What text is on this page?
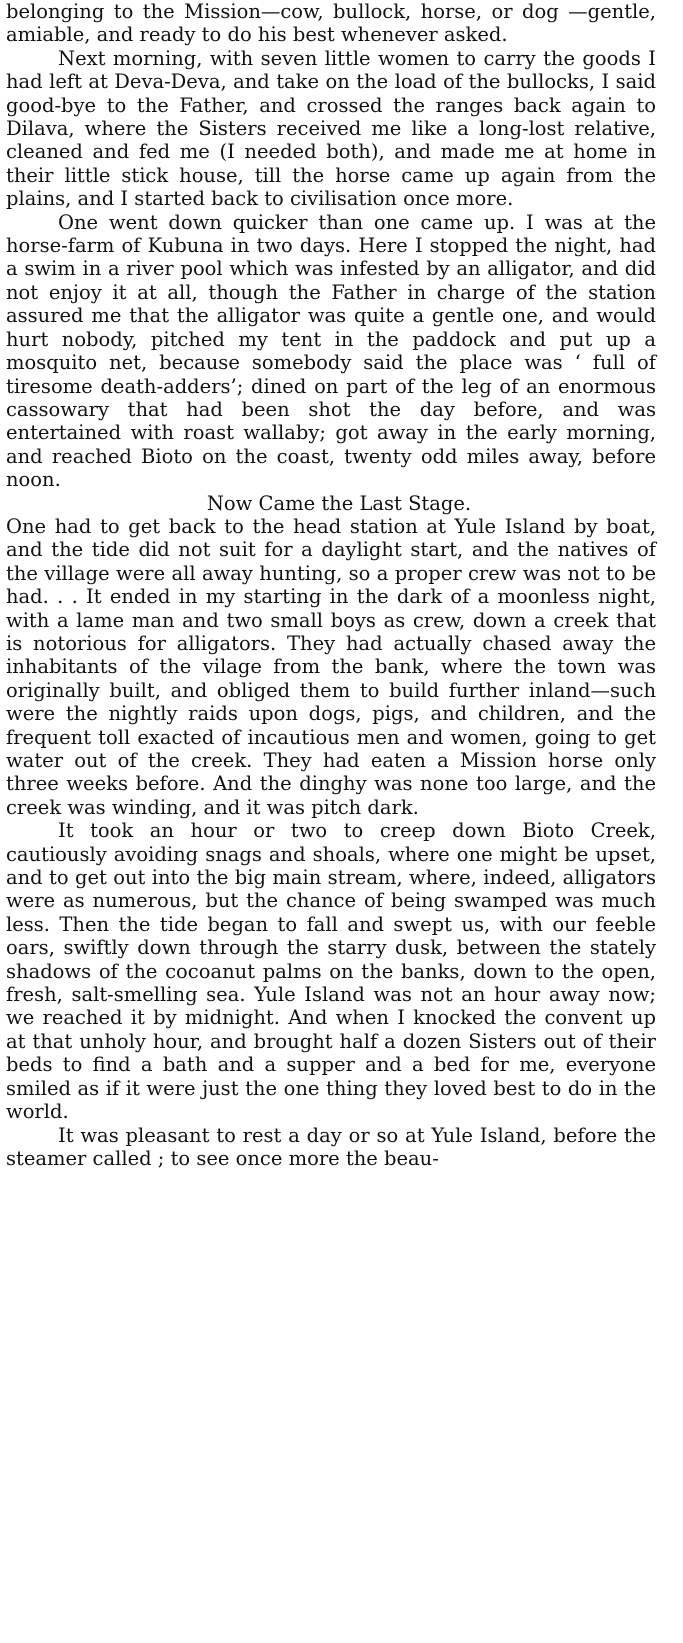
belonging to the Mission—cow, bullock, horse, or dog —gentle, amiable, and ready to do his best whenever asked.

Next morning, with seven little women to carry the goods I had left at Deva-Deva, and take on the load of the bullocks, I said good-bye to the Father, and crossed the ranges back again to Dilava, where the Sisters received me like a long-lost relative, cleaned and fed me (I needed both), and made me at home in their little stick house, till the horse came up again from the plains, and I started back to civilisation once more.

One went down quicker than one came up. I was at the horse-farm of Kubuna in two days. Here I stopped the night, had a swim in a river pool which was infested by an alligator, and did not enjoy it at all, though the Father in charge of the station assured me that the alligator was quite a gentle one, and would hurt nobody, pitched my tent in the paddock and put up a mosquito net, because somebody said the place was ‘ full of tiresome death-adders’; dined on part of the leg of an enormous cassowary that had been shot the day before, and was entertained with roast wallaby; got away in the early morning, and reached Bioto on the coast, twenty odd miles away, before noon.

Now Came the Last Stage.

One had to get back to the head station at Yule Island by boat, and the tide did not suit for a daylight start, and the natives of the village were all away hunting, so a proper crew was not to be had. . . It ended in my starting in the dark of a moonless night, with a lame man and two small boys as crew, down a creek that is notorious for alligators. They had actually chased away the inhabitants of the vilage from the bank, where the town was originally built, and obliged them to build further inland—such were the nightly raids upon dogs, pigs, and children, and the frequent toll exacted of incautious men and women, going to get water out of the creek. They had eaten a Mission horse only three weeks before. And the dinghy was none too large, and the creek was winding, and it was pitch dark.

It took an hour or two to creep down Bioto Creek, cautiously avoiding snags and shoals, where one might be upset, and to get out into the big main stream, where, indeed, alligators were as numerous, but the chance of being swamped was much less. Then the tide began to fall and swept us, with our feeble oars, swiftly down through the starry dusk, between the stately shadows of the cocoanut palms on the banks, down to the open, fresh, salt-smelling sea. Yule Island was not an hour away now; we reached it by midnight. And when I knocked the convent up at that unholy hour, and brought half a dozen Sisters out of their beds to find a bath and a supper and a bed for me, everyone smiled as if it were just the one thing they loved best to do in the world.

It was pleasant to rest a day or so at Yule Island, before the steamer called ; to see once more the beau-
